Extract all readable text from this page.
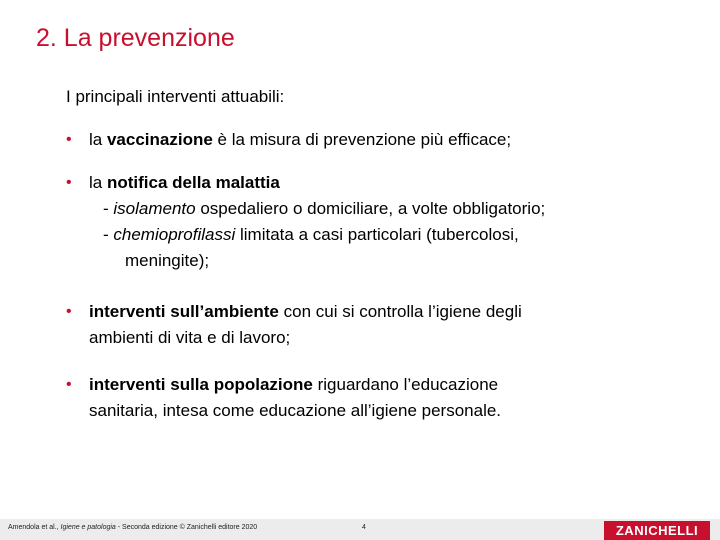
2. La prevenzione
I principali interventi attuabili:
•	la vaccinazione è la misura di prevenzione più efficace;
•	la notifica della malattia
- isolamento ospedaliero o domiciliare, a volte obbligatorio;
- chemioprofilassi limitata a casi particolari (tubercolosi,
meningite);
•	interventi sull’ambiente con cui si controlla l’igiene degli
ambienti di vita e di lavoro;
•	interventi sulla popolazione riguardano l’educazione
sanitaria, intesa come educazione all’igiene personale.
Amendola et al., Igiene e patologia - Seconda edizione © Zanichelli editore 2020	4	ZANICHELLI
